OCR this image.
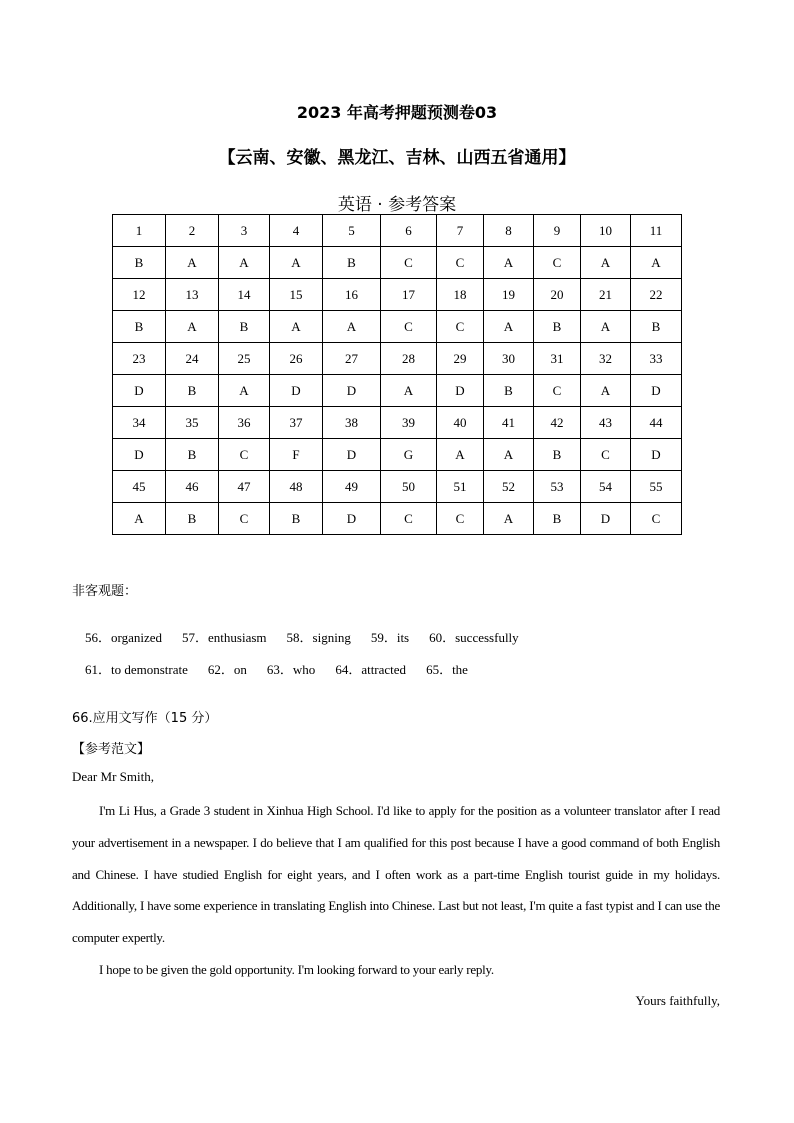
2023 年高考押题预测卷03
【云南、安徽、黑龙江、吉林、山西五省通用】
英语 · 参考答案
1	2	3	4	5	6	7	8	9	10	11
B	A	A	A	B	C	C	A	C	A	A
12	13	14	15	16	17	18	19	20	21	22
B	A	B	A	A	C	C	A	B	A	B
23	24	25	26	27	28	29	30	31	32	33
D	B	A	D	D	A	D	B	C	A	D
34	35	36	37	38	39	40	41	42	43	44
D	B	C	F	D	G	A	A	B	C	D
45	46	47	48	49	50	51	52	53	54	55
A	B	C	B	D	C	C	A	B	D	C
非客观题：

56．organized 57．enthusiasm 58．signing 59．its 60．successfully

61．to demonstrate 62．on 63．who 64．attracted 65．the

66.应用文写作（15 分）
【参考范文】
Dear Mr Smith,

I'm Li Hus, a Grade 3 student in Xinhua High School. I'd like to apply for the position as a volunteer translator after I read your advertisement in a newspaper. I do believe that I am qualified for this post because I have a good command of both English and Chinese. I have studied English for eight years, and I often work as a part-time English tourist guide in my holidays. Additionally, I have some experience in translating English into Chinese. Last but not least, I'm quite a fast typist and I can use the computer expertly.

I hope to be given the gold opportunity. I'm looking forward to your early reply.

Yours faithfully,
